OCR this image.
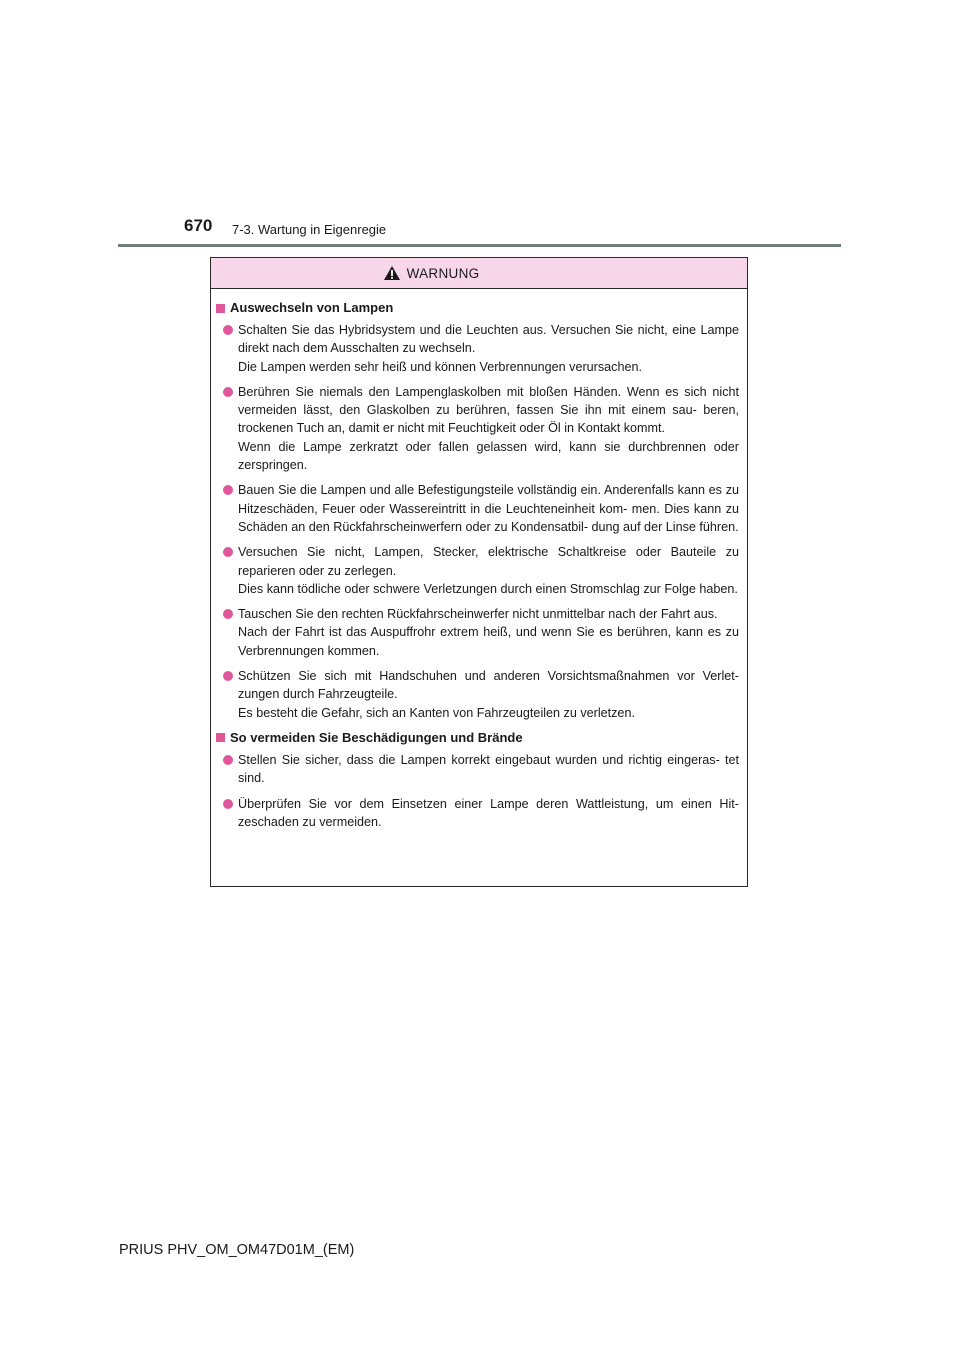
670 7-3. Wartung in Eigenregie
WARNUNG
Auswechseln von Lampen

Schalten Sie das Hybridsystem und die Leuchten aus. Versuchen Sie nicht, eine Lampe direkt nach dem Ausschalten zu wechseln.

Die Lampen werden sehr heiß und können Verbrennungen verursachen.

Berühren Sie niemals den Lampenglaskolben mit bloßen Händen. Wenn es sich nicht vermeiden lässt, den Glaskolben zu berühren, fassen Sie ihn mit einem sau- beren, trockenen Tuch an, damit er nicht mit Feuchtigkeit oder Öl in Kontakt kommt.

Wenn die Lampe zerkratzt oder fallen gelassen wird, kann sie durchbrennen oder zerspringen.

Bauen Sie die Lampen und alle Befestigungsteile vollständig ein. Anderenfalls kann es zu Hitzeschäden, Feuer oder Wassereintritt in die Leuchteneinheit kom- men. Dies kann zu Schäden an den Rückfahrscheinwerfern oder zu Kondensatbil- dung auf der Linse führen.

Versuchen Sie nicht, Lampen, Stecker, elektrische Schaltkreise oder Bauteile zu reparieren oder zu zerlegen.

Dies kann tödliche oder schwere Verletzungen durch einen Stromschlag zur Folge haben.

Tauschen Sie den rechten Rückfahrscheinwerfer nicht unmittelbar nach der Fahrt aus.

Nach der Fahrt ist das Auspuffrohr extrem heiß, und wenn Sie es berühren, kann es zu Verbrennungen kommen.

Schützen Sie sich mit Handschuhen und anderen Vorsichtsmaßnahmen vor Verlet- zungen durch Fahrzeugteile.

Es besteht die Gefahr, sich an Kanten von Fahrzeugteilen zu verletzen.

So vermeiden Sie Beschädigungen und Brände

Stellen Sie sicher, dass die Lampen korrekt eingebaut wurden und richtig eingeras- tet sind.

Überprüfen Sie vor dem Einsetzen einer Lampe deren Wattleistung, um einen Hit- zeschaden zu vermeiden.

PRIUS PHV_OM_OM47D01M_(EM)
